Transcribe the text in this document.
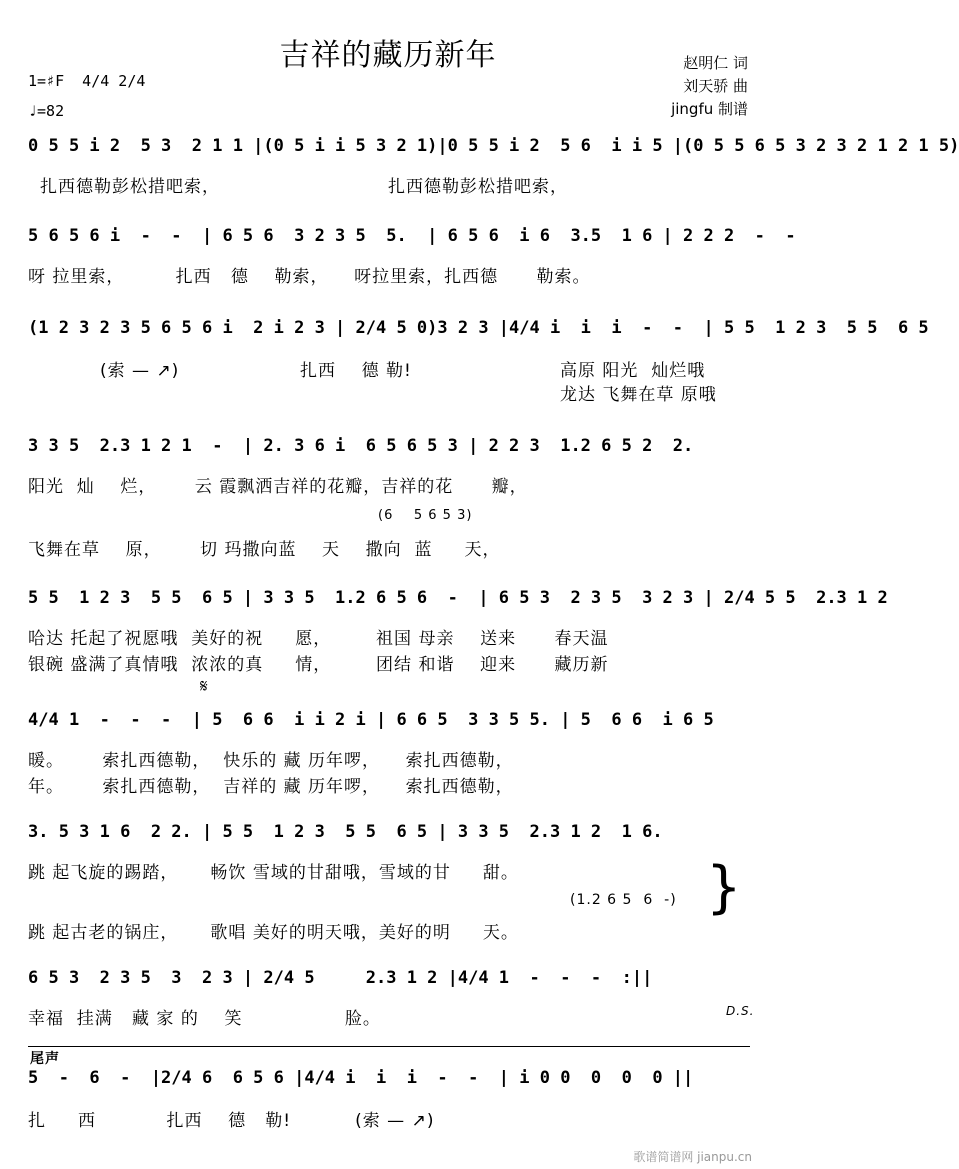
吉祥的藏历新年	赵明仁 词
刘天骄 曲
jingfu 制谱
1=♯F  4/4 2/4
♩=82
0 5 5 i 2  5 3  2 1 1 |(0 5 i i 5 3 2 1)|0 5 5 i 2  5 6  i i 5 |(0 5 5 6 5 3 2 3 2 1 2 1 5)
扎西德勒彭松措吧索，	扎西德勒彭松措吧索，
5 6 5 6 i  -  -  | 6 5 6  3 2 3 5  5.  | 6 5 6  i 6  3.5  1 6 | 2 2 2  -  -
呀 拉里索，        扎西   德    勒索，    呀拉里索，扎西德      勒索。
(1 2 3 2 3 5 6 5 6 i  2 i 2 3 | 2/4 5 0)3 2 3 |4/4 i  i  i  -  -  | 5 5  1 2 3  5 5  6 5
(索 — ↗)	扎西    德 勒!	高原 阳光  灿烂哦
龙达 飞舞在草 原哦
3 3 5  2.3 1 2 1  -  | 2. 3 6 i  6 5 6 5 3 | 2 2 3  1.2 6 5 2  2.
阳光  灿    烂，      云 霞飘洒吉祥的花瓣，吉祥的花      瓣，
(6    5 6 5 3)
飞舞在草    原，      切 玛撒向蓝    天    撒向  蓝     天，
5 5  1 2 3  5 5  6 5 | 3 3 5  1.2 6 5 6  -  | 6 5 3  2 3 5  3 2 3 | 2/4 5 5  2.3 1 2
哈达 托起了祝愿哦  美好的祝     愿，       祖国 母亲    送来      春天温
银碗 盛满了真情哦  浓浓的真     情，       团结 和谐    迎来      藏历新
𝄋
4/4 1  -  -  -  | 5  6 6  i i 2 i | 6 6 5  3 3 5 5. | 5  6 6  i 6 5
暖。      索扎西德勒，  快乐的 藏 历年啰，    索扎西德勒，
年。      索扎西德勒，  吉祥的 藏 历年啰，    索扎西德勒，
3. 5 3 1 6  2 2. | 5 5  1 2 3  5 5  6 5 | 3 3 5  2.3 1 2  1 6.
跳 起飞旋的踢踏，     畅饮 雪域的甘甜哦，雪域的甘     甜。
(1.2 6 5  6  -)
跳 起古老的锅庄，     歌唱 美好的明天哦，美好的明     天。
}
6 5 3  2 3 5  3  2 3 | 2/4 5     2.3 1 2 |4/4 1  -  -  -  :||
幸福  挂满   藏 家 的    笑                脸。	D.S.
尾声
5  -  6  -  |2/4 6  6 5 6 |4/4 i  i  i  -  -  | i 0 0  0  0  0 ||
扎     西           扎西    德   勒!          (索 — ↗)
歌谱简谱网 jianpu.cn
